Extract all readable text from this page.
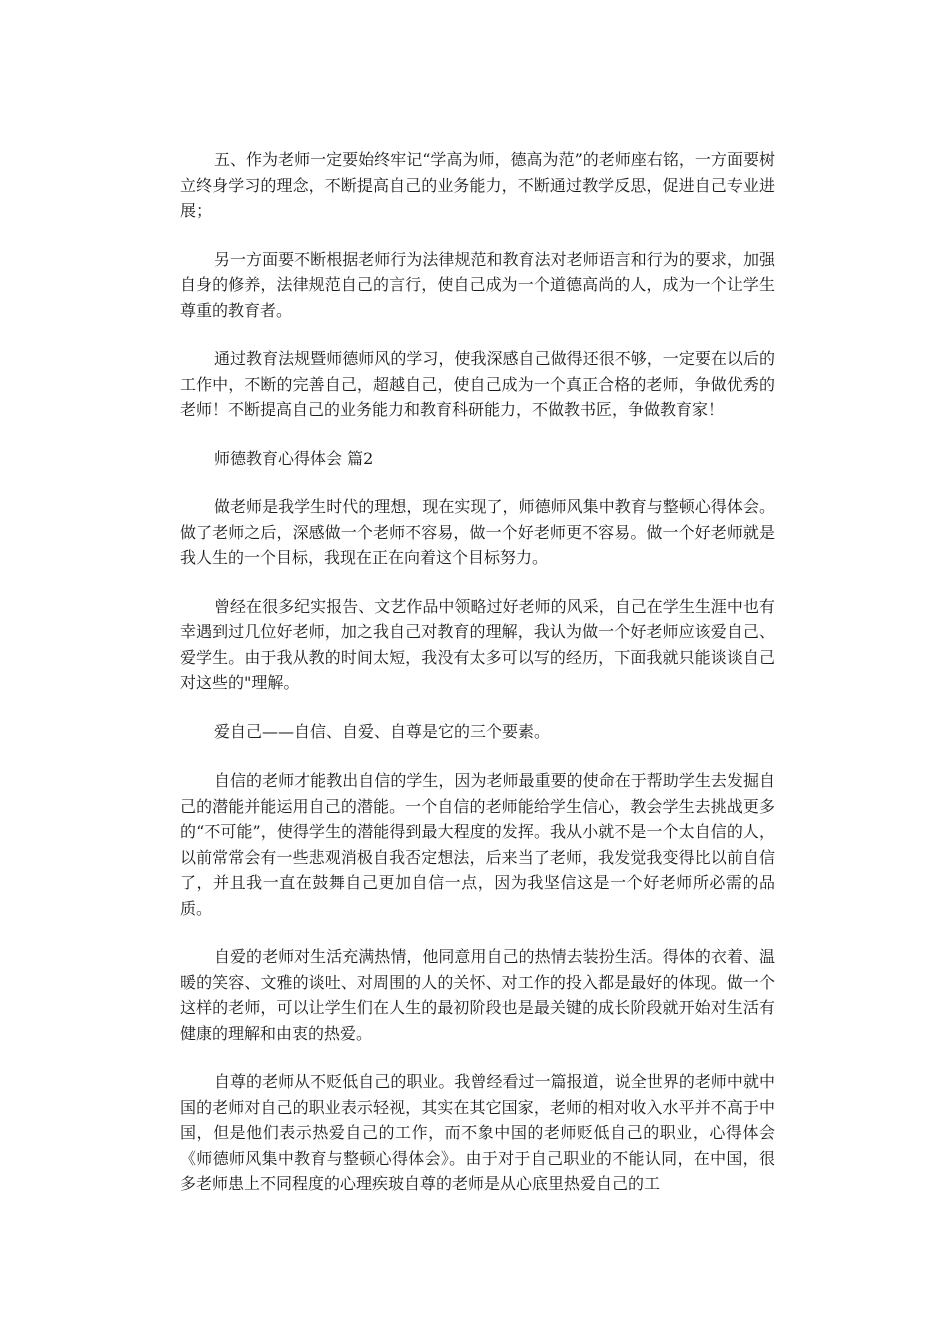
五、作为老师一定要始终牢记“学高为师，德高为范”的老师座右铭，一方面要树立终身学习的理念，不断提高自己的业务能力，不断通过教学反思，促进自己专业进展；

另一方面要不断根据老师行为法律规范和教育法对老师语言和行为的要求，加强自身的修养，法律规范自己的言行，使自己成为一个道德高尚的人，成为一个让学生尊重的教育者。

通过教育法规暨师德师风的学习，使我深感自己做得还很不够，一定要在以后的工作中，不断的完善自己，超越自己，使自己成为一个真正合格的老师，争做优秀的老师！不断提高自己的业务能力和教育科研能力，不做教书匠，争做教育家！

师德教育心得体会 篇2

做老师是我学生时代的理想，现在实现了，师德师风集中教育与整顿心得体会。做了老师之后，深感做一个老师不容易，做一个好老师更不容易。做一个好老师就是我人生的一个目标，我现在正在向着这个目标努力。

曾经在很多纪实报告、文艺作品中领略过好老师的风采，自己在学生生涯中也有幸遇到过几位好老师，加之我自己对教育的理解，我认为做一个好老师应该爱自己、爱学生。由于我从教的时间太短，我没有太多可以写的经历，下面我就只能谈谈自己对这些的"理解。

爱自己——自信、自爱、自尊是它的三个要素。

自信的老师才能教出自信的学生，因为老师最重要的使命在于帮助学生去发掘自己的潜能并能运用自己的潜能。一个自信的老师能给学生信心，教会学生去挑战更多的“不可能”，使得学生的潜能得到最大程度的发挥。我从小就不是一个太自信的人，以前常常会有一些悲观消极自我否定想法，后来当了老师，我发觉我变得比以前自信了，并且我一直在鼓舞自己更加自信一点，因为我坚信这是一个好老师所必需的品质。

自爱的老师对生活充满热情，他同意用自己的热情去装扮生活。得体的衣着、温暖的笑容、文雅的谈吐、对周围的人的关怀、对工作的投入都是最好的体现。做一个这样的老师，可以让学生们在人生的最初阶段也是最关键的成长阶段就开始对生活有健康的理解和由衷的热爱。

自尊的老师从不贬低自己的职业。我曾经看过一篇报道，说全世界的老师中就中国的老师对自己的职业表示轻视，其实在其它国家，老师的相对收入水平并不高于中国，但是他们表示热爱自己的工作，而不象中国的老师贬低自己的职业，心得体会《师德师风集中教育与整顿心得体会》。由于对于自己职业的不能认同，在中国，很多老师患上不同程度的心理疾玻自尊的老师是从心底里热爱自己的工
